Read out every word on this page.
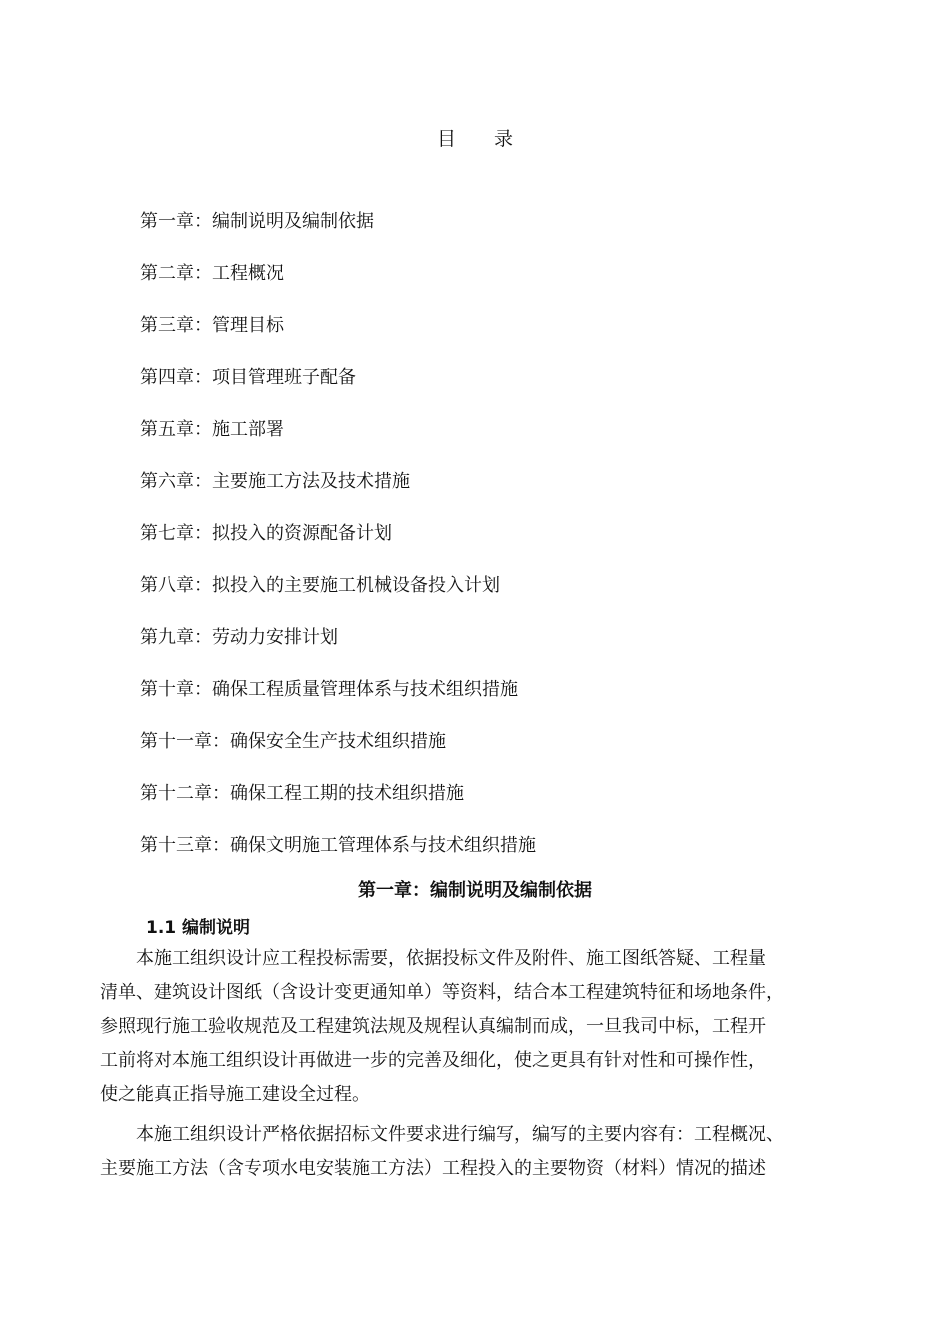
目 录
第一章：编制说明及编制依据
第二章：工程概况
第三章：管理目标
第四章：项目管理班子配备
第五章：施工部署
第六章：主要施工方法及技术措施
第七章：拟投入的资源配备计划
第八章：拟投入的主要施工机械设备投入计划
第九章：劳动力安排计划
第十章：确保工程质量管理体系与技术组织措施
第十一章：确保安全生产技术组织措施
第十二章：确保工程工期的技术组织措施
第十三章：确保文明施工管理体系与技术组织措施
第一章：编制说明及编制依据
1.1 编制说明
　　本施工组织设计应工程投标需要，依据投标文件及附件、施工图纸答疑、工程量
清单、建筑设计图纸（含设计变更通知单）等资料，结合本工程建筑特征和场地条件，
参照现行施工验收规范及工程建筑法规及规程认真编制而成，一旦我司中标，工程开
工前将对本施工组织设计再做进一步的完善及细化，使之更具有针对性和可操作性，
使之能真正指导施工建设全过程。
　　本施工组织设计严格依据招标文件要求进行编写，编写的主要内容有：工程概况、
主要施工方法（含专项水电安装施工方法）工程投入的主要物资（材料）情况的描述
